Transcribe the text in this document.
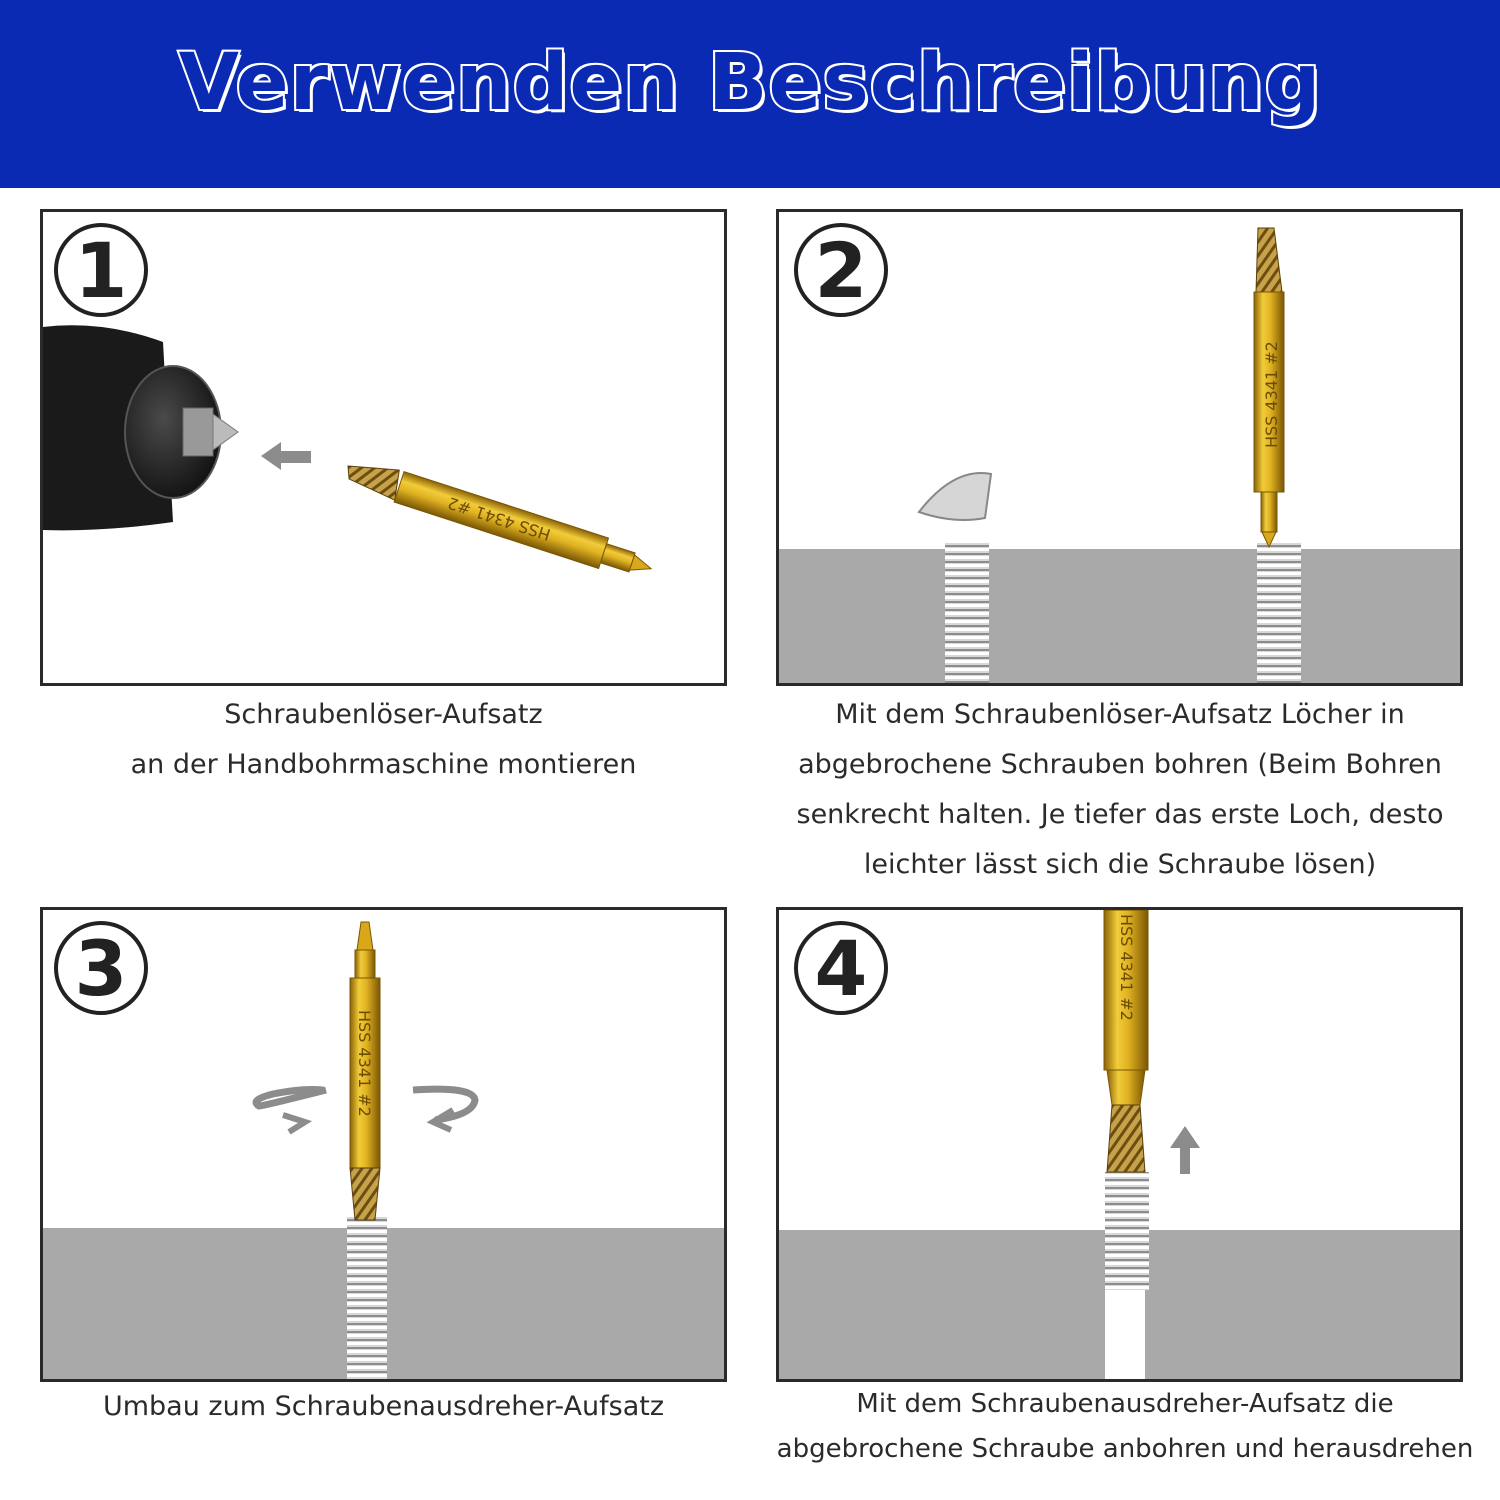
Verwenden Beschreibung
1
HSS 4341 #2
Schraubenlöser-Aufsatz
an der Handbohrmaschine montieren
HSS 4341 #2
2
Mit dem Schraubenlöser-Aufsatz Löcher in
abgebrochene Schrauben bohren (Beim Bohren
senkrecht halten. Je tiefer das erste Loch, desto
leichter lässt sich die Schraube lösen)
HSS 4341 #2
3
Umbau zum Schraubenausdreher-Aufsatz
HSS 4341 #2
4
Mit dem Schraubenausdreher-Aufsatz die
abgebrochene Schraube anbohren und herausdrehen
